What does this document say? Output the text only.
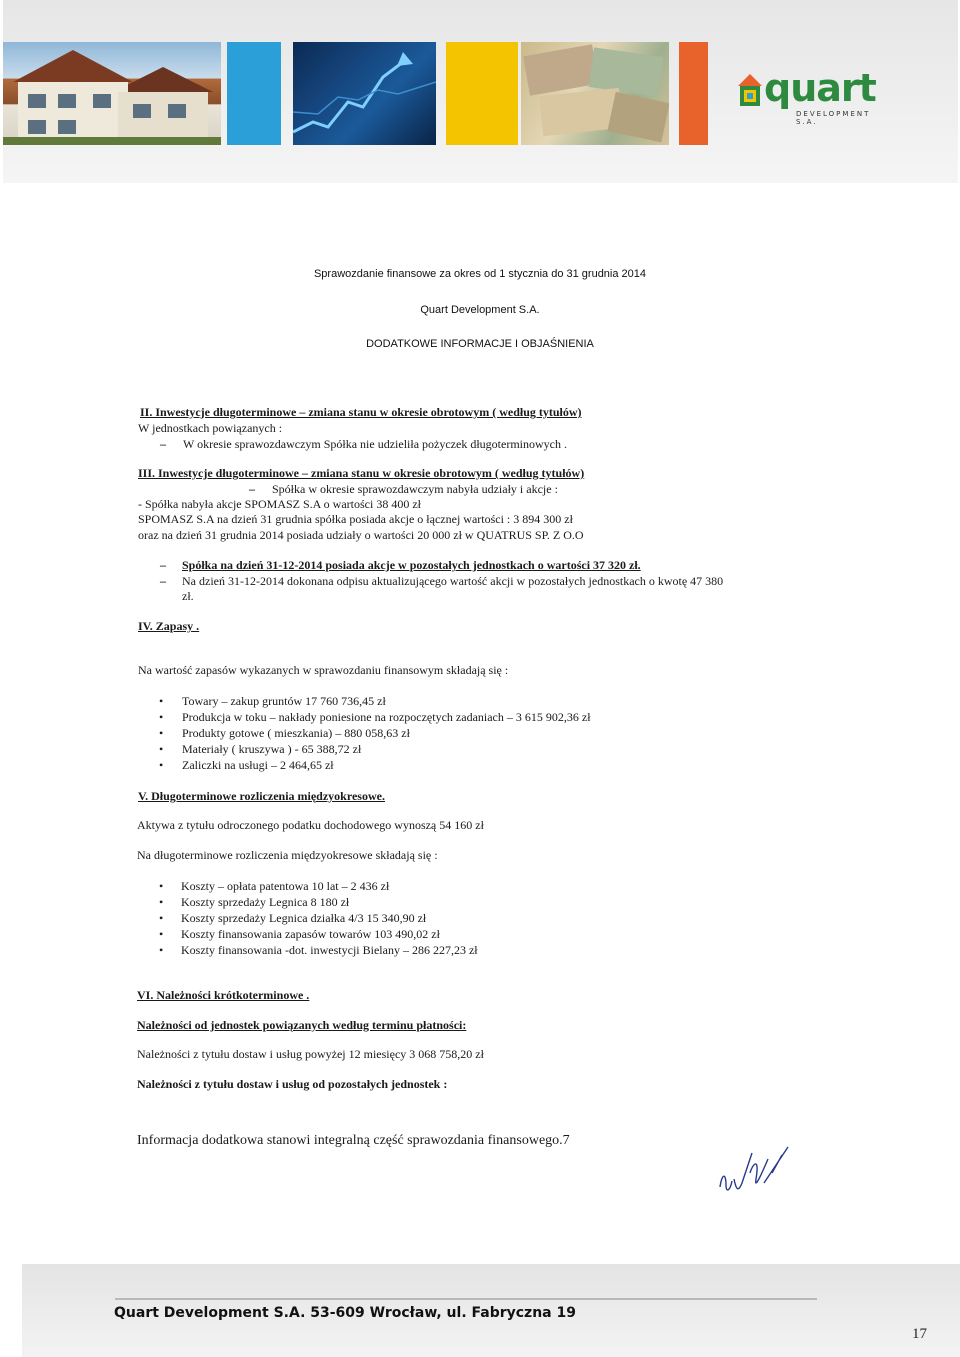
quart
DEVELOPMENT S.A.
Sprawozdanie finansowe za okres od 1 stycznia do 31 grudnia 2014
Quart Development S.A.
DODATKOWE INFORMACJE I OBJAŚNIENIA
II. Inwestycje długoterminowe – zmiana stanu w okresie obrotowym ( według tytułów)
W jednostkach powiązanych :
– W okresie sprawozdawczym Spółka nie udzieliła pożyczek długoterminowych .
III. Inwestycje długoterminowe – zmiana stanu w okresie obrotowym ( według tytułów)
– Spółka w okresie sprawozdawczym nabyła udziały i akcje :
- Spółka nabyła akcje SPOMASZ S.A o wartości 38 400 zł
SPOMASZ S.A na dzień 31 grudnia spółka posiada akcje o łącznej wartości : 3 894 300 zł
oraz na dzień 31 grudnia 2014 posiada udziały o wartości 20 000 zł w QUATRUS SP. Z O.O
– Spółka na dzień 31-12-2014 posiada akcje w pozostałych jednostkach o wartości 37 320 zł.
– Na dzień 31-12-2014 dokonana odpisu aktualizującego wartość akcji w pozostałych jednostkach o kwotę 47 380
zł.
IV. Zapasy .
Na wartość zapasów wykazanych w sprawozdaniu finansowym składają się :
• Towary – zakup gruntów 17 760 736,45 zł
• Produkcja w toku – nakłady poniesione na rozpoczętych zadaniach – 3 615 902,36 zł
• Produkty gotowe ( mieszkania) – 880 058,63 zł
• Materiały ( kruszywa ) - 65 388,72 zł
• Zaliczki na usługi – 2 464,65 zł
V. Długoterminowe rozliczenia międzyokresowe.
Aktywa z tytułu odroczonego podatku dochodowego wynoszą 54 160 zł
Na długoterminowe rozliczenia międzyokresowe składają się :
• Koszty – opłata patentowa 10 lat – 2 436 zł
• Koszty sprzedaży Legnica 8 180 zł
• Koszty sprzedaży Legnica działka 4/3 15 340,90 zł
• Koszty finansowania zapasów towarów 103 490,02 zł
• Koszty finansowania -dot. inwestycji Bielany – 286 227,23 zł
VI. Należności krótkoterminowe .
Należności od jednostek powiązanych według terminu płatności:
Należności z tytułu dostaw i usług powyżej 12 miesięcy 3 068 758,20 zł
Należności z tytułu dostaw i usług od pozostałych jednostek :
Informacja dodatkowa stanowi integralną część sprawozdania finansowego.7
Quart Development S.A. 53-609 Wrocław, ul. Fabryczna 19
17
